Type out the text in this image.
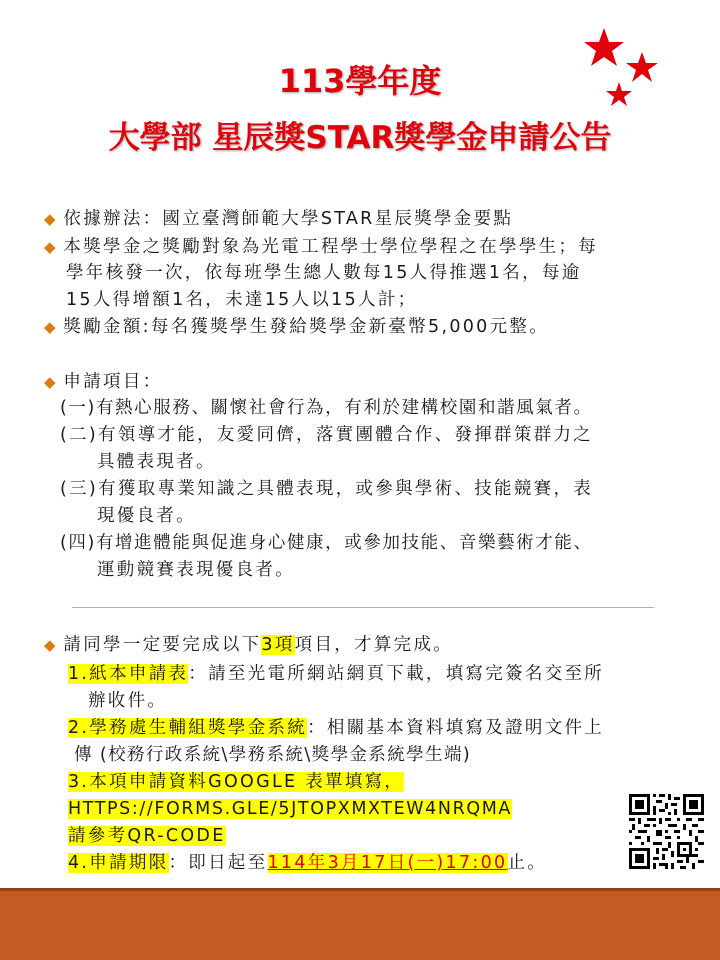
113學年度
大學部 星辰獎STAR獎學金申請公告
◆ 依據辦法：國立臺灣師範大學STAR星辰獎學金要點
◆ 本獎學金之獎勵對象為光電工程學士學位學程之在學學生；每
學年核發一次，依每班學生總人數每15人得推選1名，每逾
15人得增額1名，未達15人以15人計；
◆ 獎勵金額:每名獲獎學生發給獎學金新臺幣5,000元整。
◆ 申請項目：
(一)有熱心服務、關懷社會行為，有利於建構校園和諧風氣者。
(二)有領導才能，友愛同儕，落實團體合作、發揮群策群力之
具體表現者。
(三)有獲取專業知識之具體表現，或參與學術、技能競賽，表
現優良者。
(四)有增進體能與促進身心健康，或參加技能、音樂藝術才能、
運動競賽表現優良者。
◆ 請同學一定要完成以下3項項目，才算完成。
1.紙本申請表：請至光電所網站網頁下載，填寫完簽名交至所
辦收件。
2.學務處生輔組獎學金系統：相關基本資料填寫及證明文件上
傳 (校務行政系統\學務系統\獎學金系統學生端)
3.本項申請資料GOOGLE 表單填寫，
HTTPS://FORMS.GLE/5JTOPXMXTEW4NRQMA
請參考QR-CODE
4.申請期限：即日起至114年3月17日(一)17:00止。
